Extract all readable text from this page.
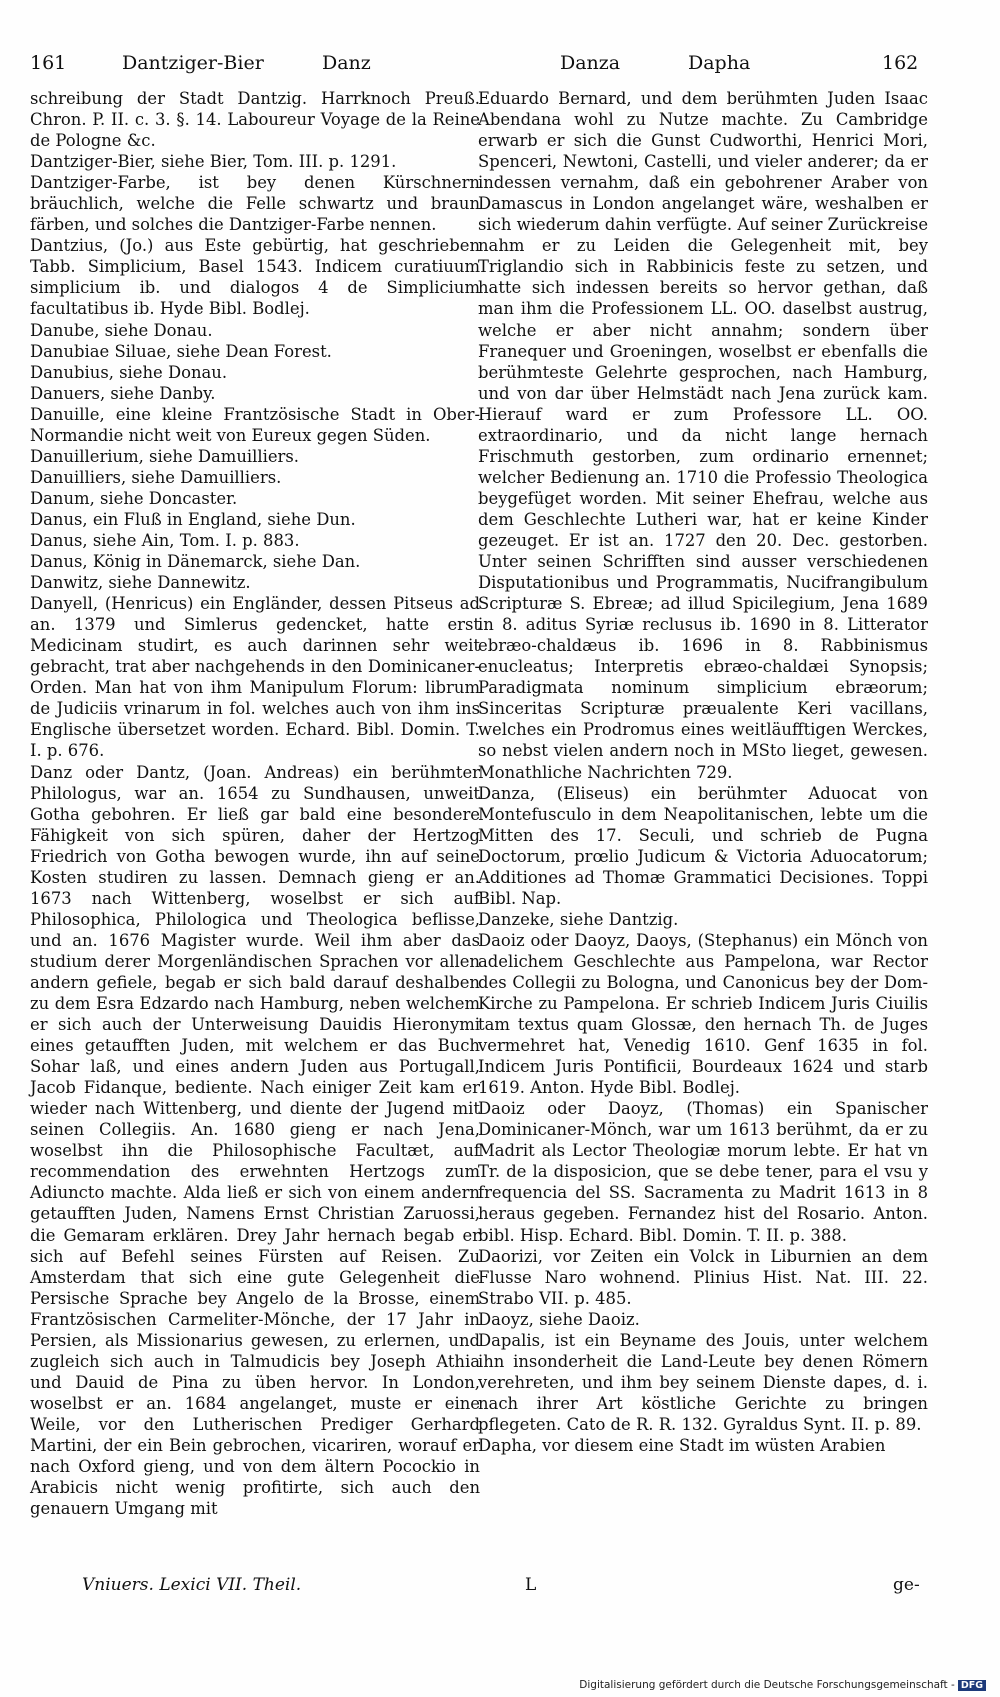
161	Dantziger-Bier	Danz	Danza	Dapha	162

schreibung der Stadt Dantzig. Harrknoch Preuß. Chron. P. II. c. 3. §. 14. Laboureur Voyage de la Reine de Pologne &c.

Dantziger-Bier, siehe Bier, Tom. III. p. 1291.

Dantziger-Farbe, ist bey denen Kürschnern bräuchlich, welche die Felle schwartz und braun färben, und solches die Dantziger-Farbe nennen.

Dantzius, (Jo.) aus Este gebürtig, hat geschrieben Tabb. Simplicium, Basel 1543. Indicem curatiuum simplicium ib. und dialogos 4 de Simplicium facultatibus ib. Hyde Bibl. Bodlej.

Danube, siehe Donau.

Danubiae Siluae, siehe Dean Forest.

Danubius, siehe Donau.

Danuers, siehe Danby.

Danuille, eine kleine Frantzösische Stadt in Ober-Normandie nicht weit von Eureux gegen Süden.

Danuillerium, siehe Damuilliers.

Danuilliers, siehe Damuilliers.

Danum, siehe Doncaster.

Danus, ein Fluß in England, siehe Dun.

Danus, siehe Ain, Tom. I. p. 883.

Danus, König in Dänemarck, siehe Dan.

Danwitz, siehe Dannewitz.

Danyell, (Henricus) ein Engländer, dessen Pitseus ad an. 1379 und Simlerus gedencket, hatte erst Medicinam studirt, es auch darinnen sehr weit gebracht, trat aber nachgehends in den Dominicaner-Orden. Man hat von ihm Manipulum Florum: librum de Judiciis vrinarum in fol. welches auch von ihm ins Englische übersetzet worden. Echard. Bibl. Domin. T. I. p. 676.

Danz oder Dantz, (Joan. Andreas) ein berühmter Philologus, war an. 1654 zu Sundhausen, unweit Gotha gebohren. Er ließ gar bald eine besondere Fähigkeit von sich spüren, daher der Hertzog Friedrich von Gotha bewogen wurde, ihn auf seine Kosten studiren zu lassen. Demnach gieng er an. 1673 nach Wittenberg, woselbst er sich auf Philosophica, Philologica und Theologica beflisse, und an. 1676 Magister wurde. Weil ihm aber das studium derer Morgenländischen Sprachen vor allen andern gefiele, begab er sich bald darauf deshalben zu dem Esra Edzardo nach Hamburg, neben welchem er sich auch der Unterweisung Dauidis Hieronymi eines getaufften Juden, mit welchem er das Buch Sohar laß, und eines andern Juden aus Portugall, Jacob Fidanque, bediente. Nach einiger Zeit kam er wieder nach Wittenberg, und diente der Jugend mit seinen Collegiis. An. 1680 gieng er nach Jena, woselbst ihn die Philosophische Facultæt, auf recommendation des erwehnten Hertzogs zum Adiuncto machte. Alda ließ er sich von einem andern getaufften Juden, Namens Ernst Christian Zaruossi, die Gemaram erklären. Drey Jahr hernach begab er sich auf Befehl seines Fürsten auf Reisen. Zu Amsterdam that sich eine gute Gelegenheit die Persische Sprache bey Angelo de la Brosse, einem Frantzösischen Carmeliter-Mönche, der 17 Jahr in Persien, als Missionarius gewesen, zu erlernen, und zugleich sich auch in Talmudicis bey Joseph Athia und Dauid de Pina zu üben hervor. In London, woselbst er an. 1684 angelanget, muste er eine Weile, vor den Lutherischen Prediger Gerhard Martini, der ein Bein gebrochen, vicariren, worauf er nach Oxford gieng, und von dem ältern Pocockio in Arabicis nicht wenig profitirte, sich auch den genauern Umgang mit

Eduardo Bernard, und dem berühmten Juden Isaac Abendana wohl zu Nutze machte. Zu Cambridge erwarb er sich die Gunst Cudworthi, Henrici Mori, Spenceri, Newtoni, Castelli, und vieler anderer; da er indessen vernahm, daß ein gebohrener Araber von Damascus in London angelanget wäre, weshalben er sich wiederum dahin verfügte. Auf seiner Zurückreise nahm er zu Leiden die Gelegenheit mit, bey Triglandio sich in Rabbinicis feste zu setzen, und hatte sich indessen bereits so hervor gethan, daß man ihm die Professionem LL. OO. daselbst austrug, welche er aber nicht annahm; sondern über Franequer und Groeningen, woselbst er ebenfalls die berühmteste Gelehrte gesprochen, nach Hamburg, und von dar über Helmstädt nach Jena zurück kam. Hierauf ward er zum Professore LL. OO. extraordinario, und da nicht lange hernach Frischmuth gestorben, zum ordinario ernennet; welcher Bedienung an. 1710 die Professio Theologica beygefüget worden. Mit seiner Ehefrau, welche aus dem Geschlechte Lutheri war, hat er keine Kinder gezeuget. Er ist an. 1727 den 20. Dec. gestorben. Unter seinen Schrifften sind ausser verschiedenen Disputationibus und Programmatis, Nucifrangibulum Scripturæ S. Ebreæ; ad illud Spicilegium, Jena 1689 in 8. aditus Syriæ reclusus ib. 1690 in 8. Litterator ebræo-chaldæus ib. 1696 in 8. Rabbinismus enucleatus; Interpretis ebræo-chaldæi Synopsis; Paradigmata nominum simplicium ebræorum; Sinceritas Scripturæ præualente Keri vacillans, welches ein Prodromus eines weitläufftigen Werckes, so nebst vielen andern noch in MSto lieget, gewesen. Monathliche Nachrichten 729.

Danza, (Eliseus) ein berühmter Aduocat von Montefusculo in dem Neapolitanischen, lebte um die Mitten des 17. Seculi, und schrieb de Pugna Doctorum, prœlio Judicum & Victoria Aduocatorum; Additiones ad Thomæ Grammatici Decisiones. Toppi Bibl. Nap.

Danzeke, siehe Dantzig.

Daoiz oder Daoyz, Daoys, (Stephanus) ein Mönch von adelichem Geschlechte aus Pampelona, war Rector des Collegii zu Bologna, und Canonicus bey der Dom-Kirche zu Pampelona. Er schrieb Indicem Juris Ciuilis tam textus quam Glossæ, den hernach Th. de Juges vermehret hat, Venedig 1610. Genf 1635 in fol. Indicem Juris Pontificii, Bourdeaux 1624 und starb 1619. Anton. Hyde Bibl. Bodlej.

Daoiz oder Daoyz, (Thomas) ein Spanischer Dominicaner-Mönch, war um 1613 berühmt, da er zu Madrit als Lector Theologiæ morum lebte. Er hat vn Tr. de la disposicion, que se debe tener, para el vsu y frequencia del SS. Sacramenta zu Madrit 1613 in 8 heraus gegeben. Fernandez hist del Rosario. Anton. bibl. Hisp. Echard. Bibl. Domin. T. II. p. 388.

Daorizi, vor Zeiten ein Volck in Liburnien an dem Flusse Naro wohnend. Plinius Hist. Nat. III. 22. Strabo VII. p. 485.

Daoyz, siehe Daoiz.

Dapalis, ist ein Beyname des Jouis, unter welchem ihn insonderheit die Land-Leute bey denen Römern verehreten, und ihm bey seinem Dienste dapes, d. i. nach ihrer Art köstliche Gerichte zu bringen pflegeten. Cato de R. R. 132. Gyraldus Synt. II. p. 89.

Dapha, vor diesem eine Stadt im wüsten Arabien

Vniuers. Lexici VII. Theil.	L	ge-
Digitalisierung gefördert durch die Deutsche Forschungsgemeinschaft - DFG
